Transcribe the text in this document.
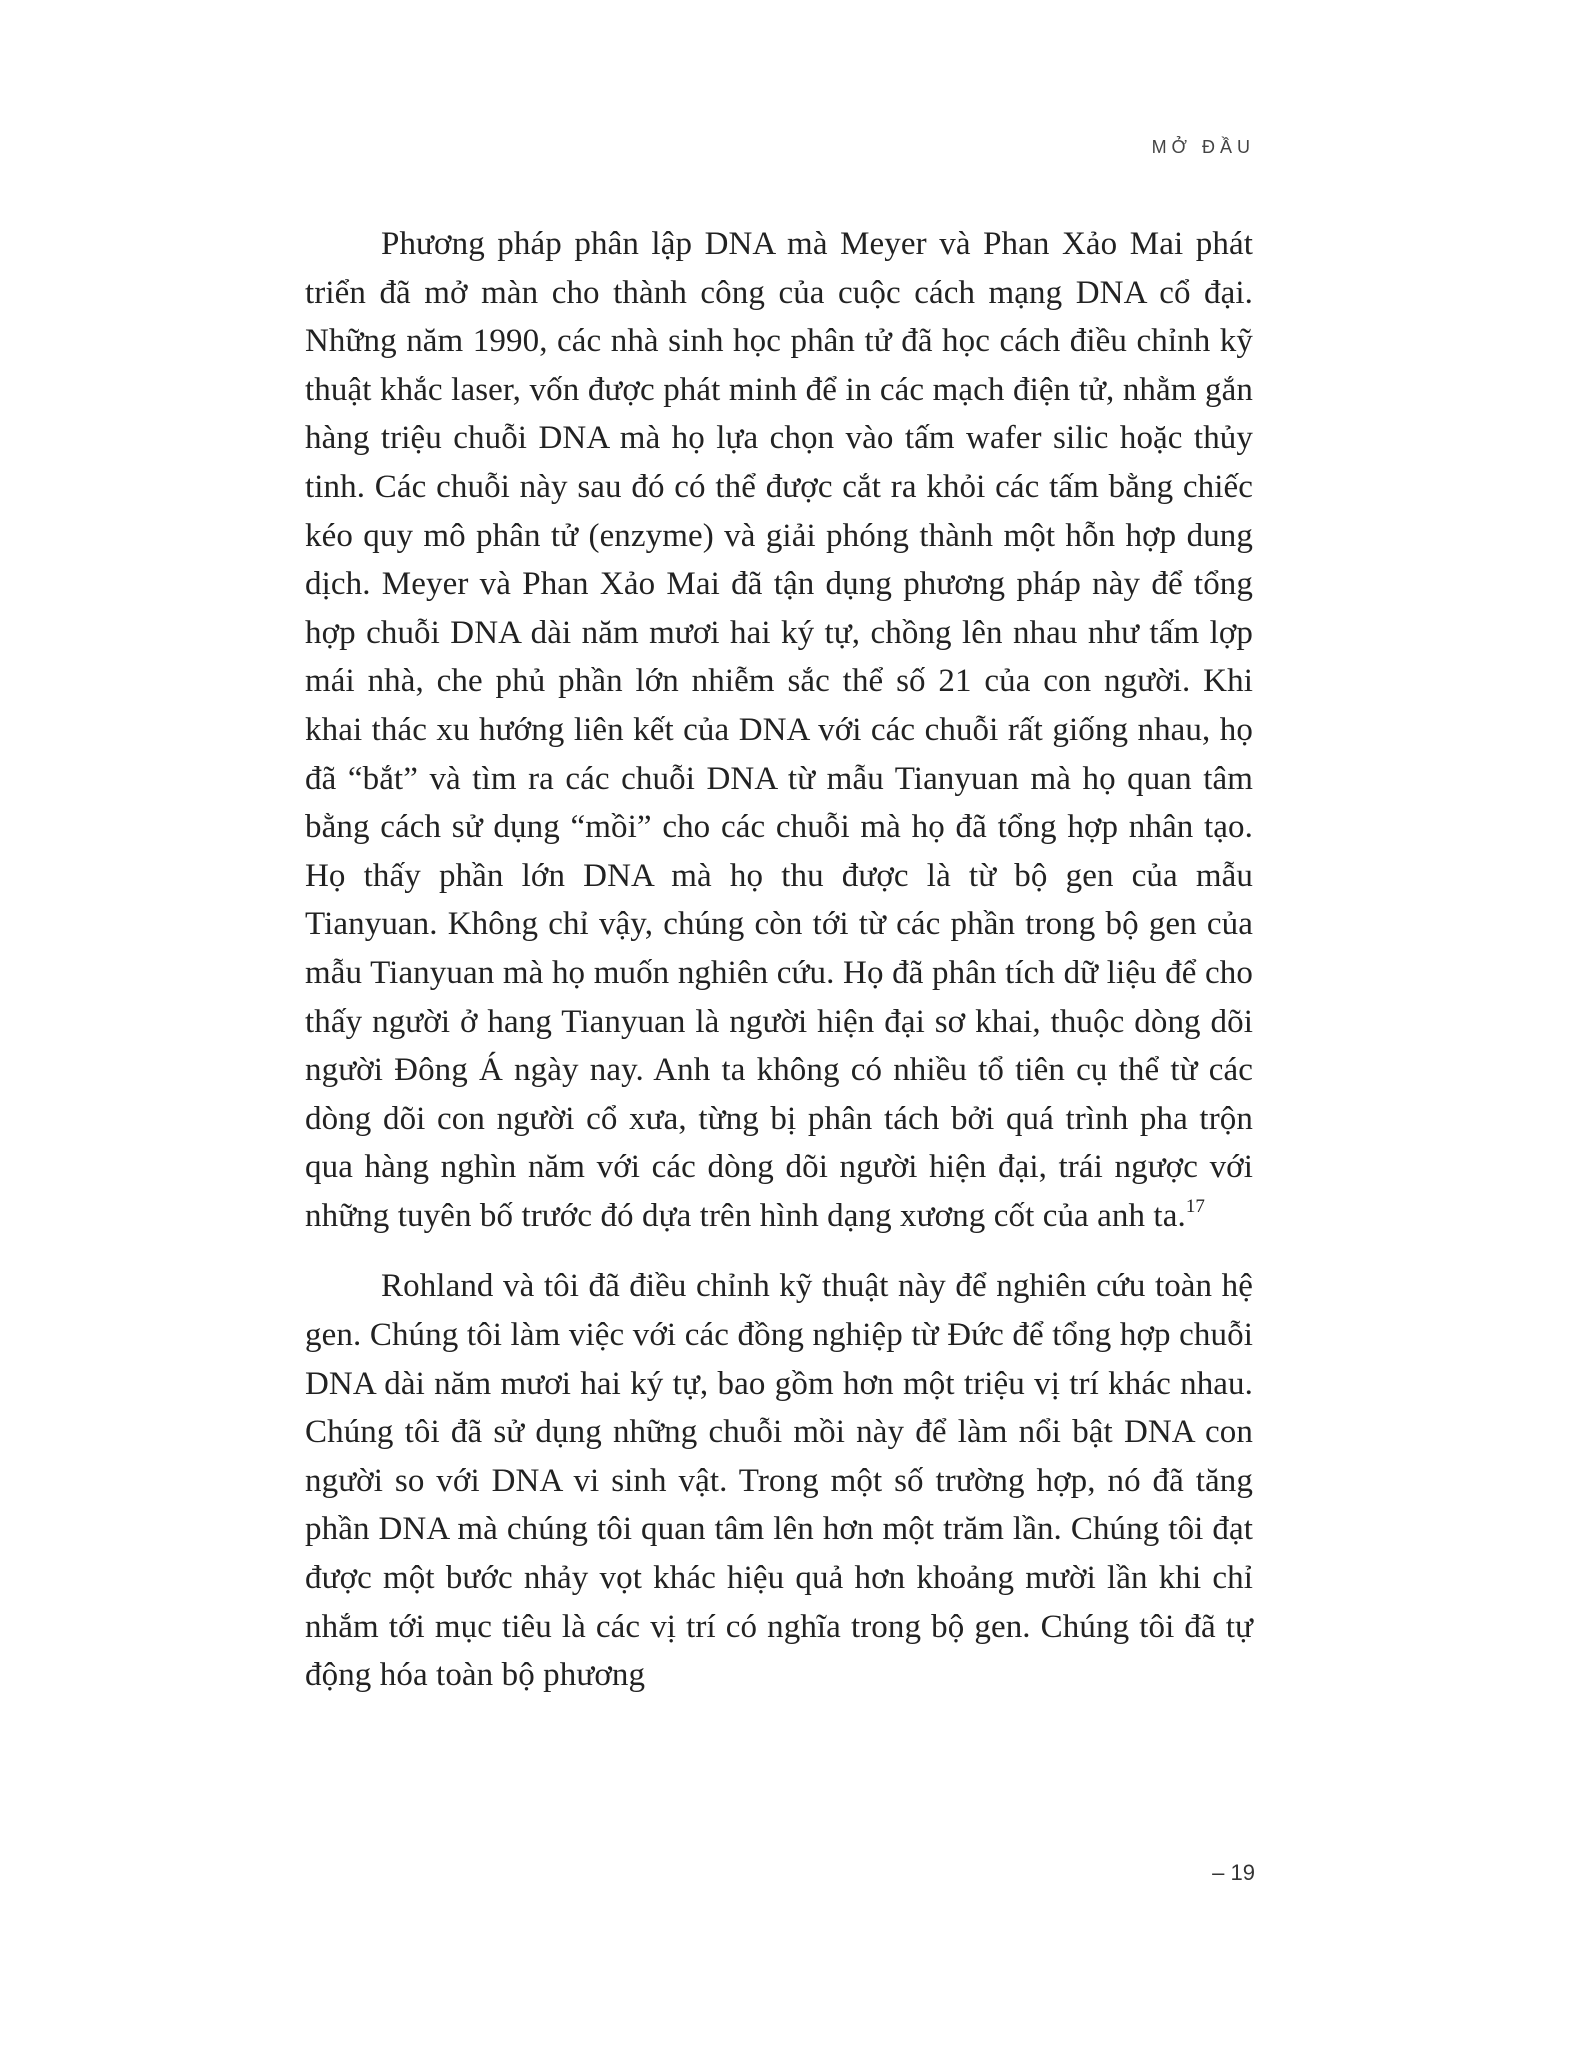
MỞ ĐẦU

Phương pháp phân lập DNA mà Meyer và Phan Xảo Mai phát triển đã mở màn cho thành công của cuộc cách mạng DNA cổ đại. Những năm 1990, các nhà sinh học phân tử đã học cách điều chỉnh kỹ thuật khắc laser, vốn được phát minh để in các mạch điện tử, nhằm gắn hàng triệu chuỗi DNA mà họ lựa chọn vào tấm wafer silic hoặc thủy tinh. Các chuỗi này sau đó có thể được cắt ra khỏi các tấm bằng chiếc kéo quy mô phân tử (enzyme) và giải phóng thành một hỗn hợp dung dịch. Meyer và Phan Xảo Mai đã tận dụng phương pháp này để tổng hợp chuỗi DNA dài năm mươi hai ký tự, chồng lên nhau như tấm lợp mái nhà, che phủ phần lớn nhiễm sắc thể số 21 của con người. Khi khai thác xu hướng liên kết của DNA với các chuỗi rất giống nhau, họ đã “bắt” và tìm ra các chuỗi DNA từ mẫu Tianyuan mà họ quan tâm bằng cách sử dụng “mồi” cho các chuỗi mà họ đã tổng hợp nhân tạo. Họ thấy phần lớn DNA mà họ thu được là từ bộ gen của mẫu Tianyuan. Không chỉ vậy, chúng còn tới từ các phần trong bộ gen của mẫu Tianyuan mà họ muốn nghiên cứu. Họ đã phân tích dữ liệu để cho thấy người ở hang Tianyuan là người hiện đại sơ khai, thuộc dòng dõi người Đông Á ngày nay. Anh ta không có nhiều tổ tiên cụ thể từ các dòng dõi con người cổ xưa, từng bị phân tách bởi quá trình pha trộn qua hàng nghìn năm với các dòng dõi người hiện đại, trái ngược với những tuyên bố trước đó dựa trên hình dạng xương cốt của anh ta.$^{17}$

Rohland và tôi đã điều chỉnh kỹ thuật này để nghiên cứu toàn hệ gen. Chúng tôi làm việc với các đồng nghiệp từ Đức để tổng hợp chuỗi DNA dài năm mươi hai ký tự, bao gồm hơn một triệu vị trí khác nhau. Chúng tôi đã sử dụng những chuỗi mồi này để làm nổi bật DNA con người so với DNA vi sinh vật. Trong một số trường hợp, nó đã tăng phần DNA mà chúng tôi quan tâm lên hơn một trăm lần. Chúng tôi đạt được một bước nhảy vọt khác hiệu quả hơn khoảng mười lần khi chỉ nhắm tới mục tiêu là các vị trí có nghĩa trong bộ gen. Chúng tôi đã tự động hóa toàn bộ phương

– 19
